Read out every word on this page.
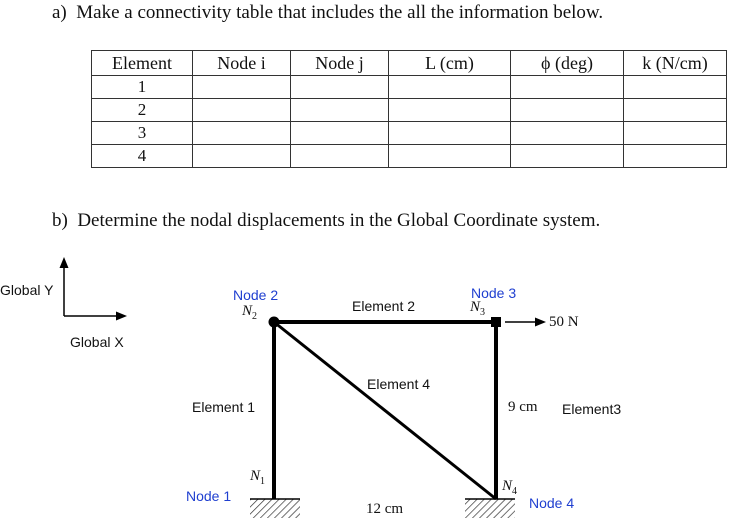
a) Make a connectivity table that includes the all the information below.
Element	Node i	Node j	L (cm)	ϕ (deg)	k (N/cm)
1					
2					
3					
4					
b) Determine the nodal displacements in the Global Coordinate system.
Global Y
Global X
Node 2	Node 3
Node 1	Node 4
$N_2$
$N_3$
$N_1$	$N_4$
Element 2
Element 4
Element 1	Element3
9 cm
12 cm
50 N
